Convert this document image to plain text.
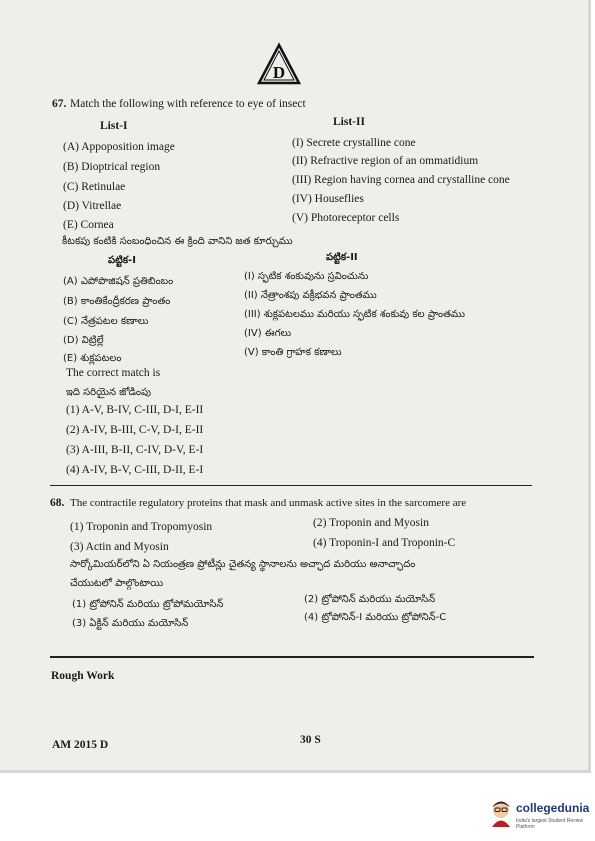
D
67. Match the following with reference to eye of insect
List-I	List-II
(A) Appoposition image
(B) Dioptrical region
(C) Retinulae
(D) Vitrellae
(E) Cornea
(I) Secrete crystalline cone
(II) Refractive region of an ommatidium
(III) Region having cornea and crystalline cone
(IV) Houseflies
(V) Photoreceptor cells
కీటకపు కంటికి సంబంధించిన ఈ క్రింది వానిని జత కూర్చుము
పట్టిక-I	పట్టిక-II
(A) ఎపోపొజిషన్ ప్రతిబింబం
(B) కాంతికేంద్రీకరణ ప్రాంతం
(C) నేత్రపటల కణాలు
(D) విట్రిల్లే
(E) శుక్లపటలం
(I) స్ఫటిక శంకువును స్రవించును
(II) నేత్రాంశపు వక్రీభవన ప్రాంతము
(III) శుక్లపటలము మరియు స్ఫటిక శంకువు కల ప్రాంతము
(IV) ఈగలు
(V) కాంతి గ్రాహక కణాలు
The correct match is
ఇది సరియైన జోడింపు
(1) A-V, B-IV, C-III, D-I, E-II
(2) A-IV, B-III, C-V, D-I, E-II
(3) A-III, B-II, C-IV, D-V, E-I
(4) A-IV, B-V, C-III, D-II, E-I
68. The contractile regulatory proteins that mask and unmask active sites in the sarcomere are
(1) Troponin and Tropomyosin	(2) Troponin and Myosin
(3) Actin and Myosin	(4) Troponin-I and Troponin-C
సార్కోమియర్‌లోని ఏ నియంత్రణ ప్రోటీన్లు చైతన్య స్థానాలను అచ్ఛాద మరియు అనాచ్ఛాదం
చేయుటలో పాల్గొంటాయి
(1) ట్రోపోనిన్ మరియు ట్రోపోమయోసిన్	(2) ట్రోపోనిన్ మరియు మయోసిన్
(3) ఏక్టిన్ మరియు మయోసిన్
(4) ట్రోపోనిన్-I మరియు ట్రోపోనిన్-C
Rough Work
AM 2015 D	30 S
collegedunia
India's largest Student Review Platform
